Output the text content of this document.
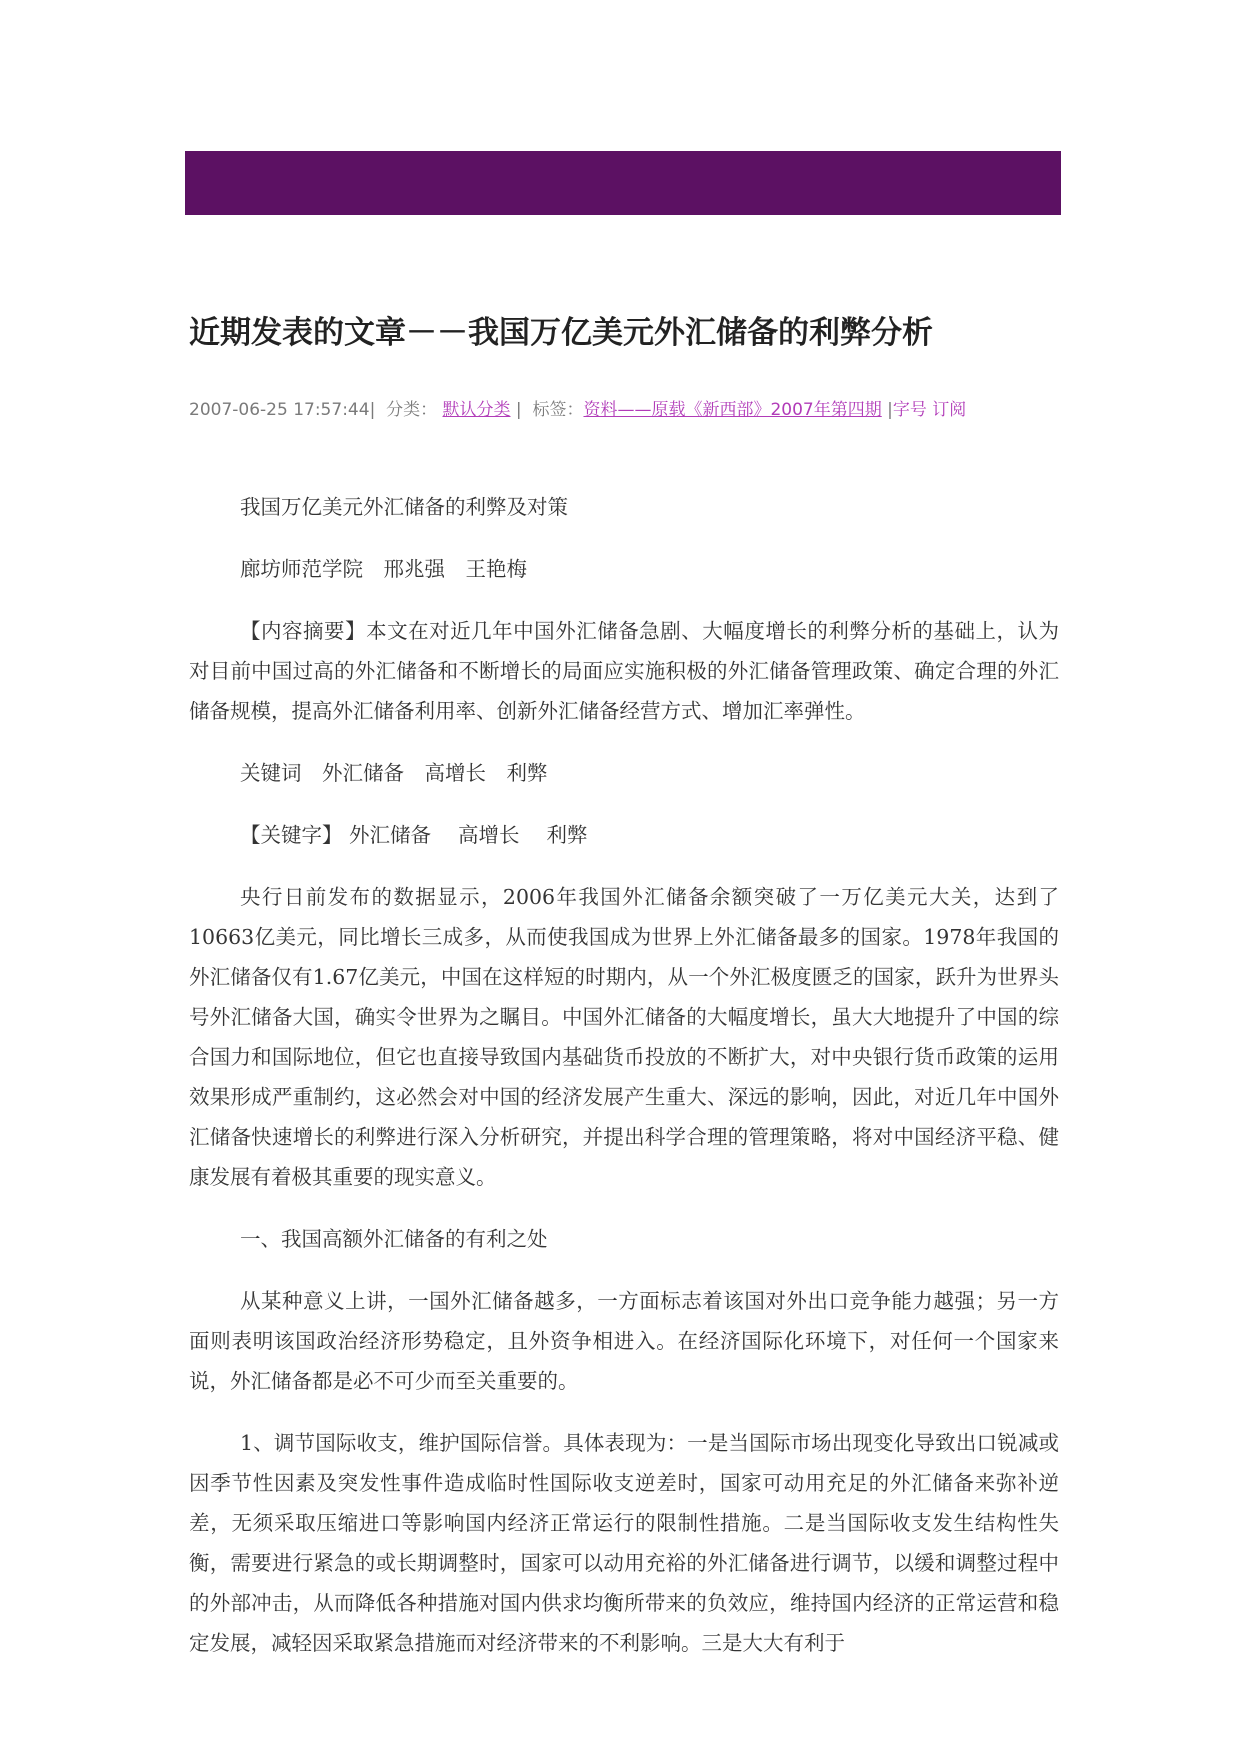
近期发表的文章－－我国万亿美元外汇储备的利弊分析
2007-06-25 17:57:44|  分类： 默认分类 |  标签：资料——原载《新西部》2007年第四期 |字号 订阅

我国万亿美元外汇储备的利弊及对策

廊坊师范学院　邢兆强　王艳梅

【内容摘要】本文在对近几年中国外汇储备急剧、大幅度增长的利弊分析的基础上，认为对目前中国过高的外汇储备和不断增长的局面应实施积极的外汇储备管理政策、确定合理的外汇储备规模，提高外汇储备利用率、创新外汇储备经营方式、增加汇率弹性。

关键词　外汇储备　高增长　利弊

【关键字】 外汇储备　 高增长　 利弊

央行日前发布的数据显示，2006年我国外汇储备余额突破了一万亿美元大关，达到了10663亿美元，同比增长三成多，从而使我国成为世界上外汇储备最多的国家。1978年我国的外汇储备仅有1.67亿美元，中国在这样短的时期内，从一个外汇极度匮乏的国家，跃升为世界头号外汇储备大国，确实令世界为之瞩目。中国外汇储备的大幅度增长，虽大大地提升了中国的综合国力和国际地位，但它也直接导致国内基础货币投放的不断扩大，对中央银行货币政策的运用效果形成严重制约，这必然会对中国的经济发展产生重大、深远的影响，因此，对近几年中国外汇储备快速增长的利弊进行深入分析研究，并提出科学合理的管理策略，将对中国经济平稳、健康发展有着极其重要的现实意义。

一、我国高额外汇储备的有利之处

从某种意义上讲，一国外汇储备越多，一方面标志着该国对外出口竞争能力越强；另一方面则表明该国政治经济形势稳定，且外资争相进入。在经济国际化环境下，对任何一个国家来说，外汇储备都是必不可少而至关重要的。

1、调节国际收支，维护国际信誉。具体表现为：一是当国际市场出现变化导致出口锐减或因季节性因素及突发性事件造成临时性国际收支逆差时，国家可动用充足的外汇储备来弥补逆差，无须采取压缩进口等影响国内经济正常运行的限制性措施。二是当国际收支发生结构性失衡，需要进行紧急的或长期调整时，国家可以动用充裕的外汇储备进行调节，以缓和调整过程中的外部冲击，从而降低各种措施对国内供求均衡所带来的负效应，维持国内经济的正常运营和稳定发展，减轻因采取紧急措施而对经济带来的不利影响。三是大大有利于
